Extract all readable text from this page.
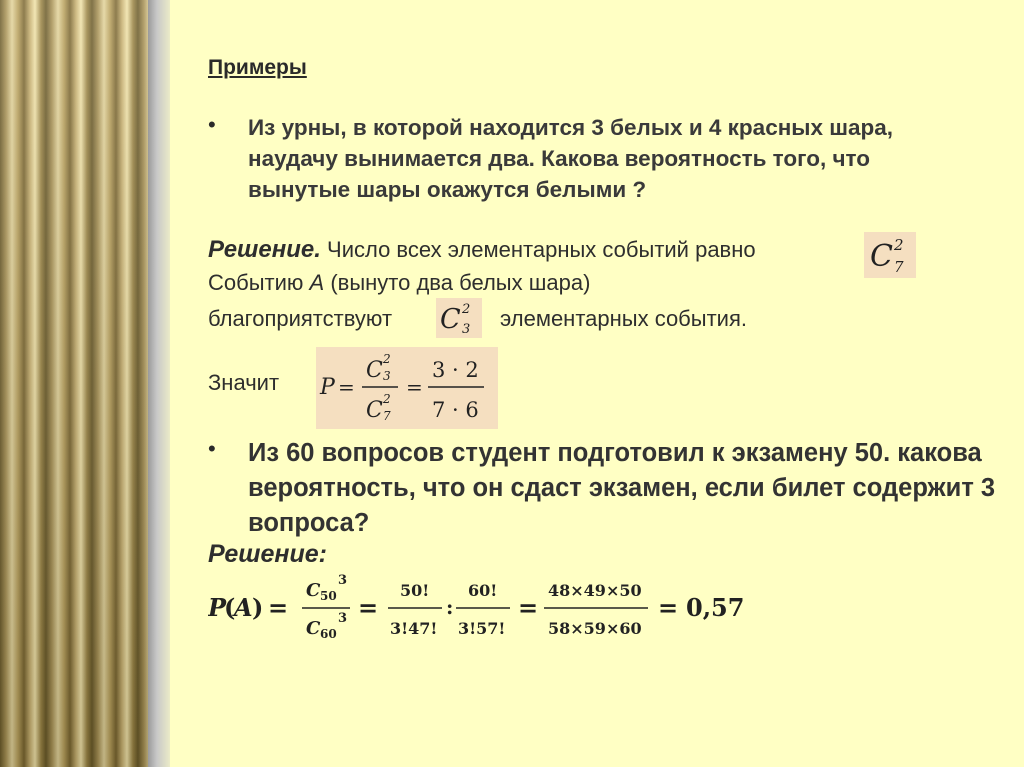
Примеры
•	Из урны, в которой находится 3 белых и 4 красных шара, наудачу вынимается два. Какова вероятность того, что вынутые шары окажутся белыми ?
Решение. Число всех элементарных событий равно	C 2
7
Событию А (вынуто два белых шара)
благоприятствуют C 2
3 элементарных события.
Значит P =
C 2
3
C 2
7
=
3 · 2
7 · 6
•	Из 60 вопросов студент подготовил к экзамену 50. какова вероятность, что он сдаст экзамен, если билет содержит 3 вопроса?
Решение:
P
(
A ) =
C 50
3
C 60
3 =
50!
3!47!
:
60!
3!57!
=
48×49×50
58×59×60
= 0,57
